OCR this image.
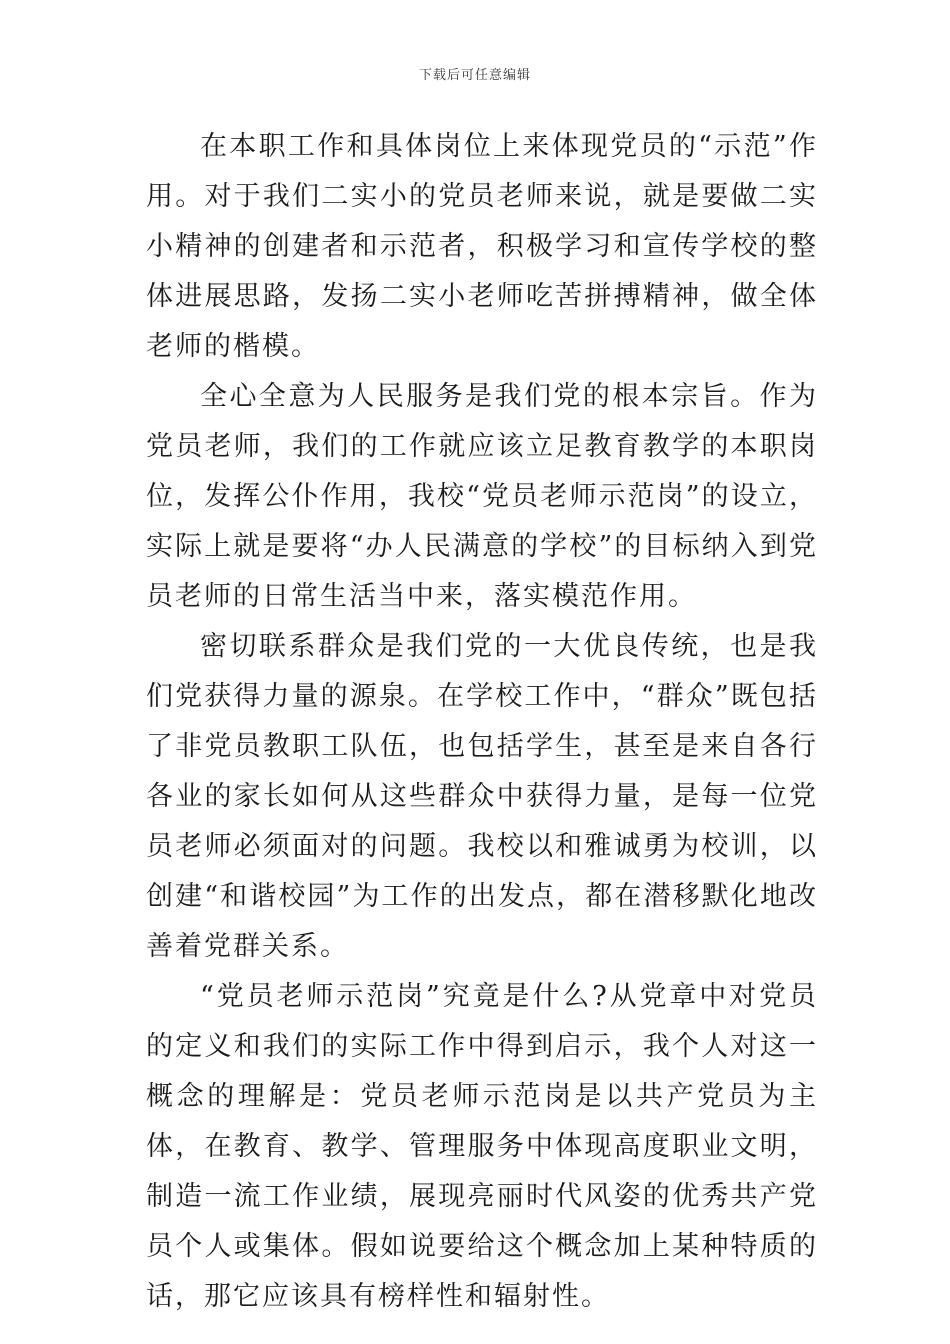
下载后可任意编辑

在本职工作和具体岗位上来体现党员的“示范”作用。对于我们二实小的党员老师来说，就是要做二实小精神的创建者和示范者，积极学习和宣传学校的整体进展思路，发扬二实小老师吃苦拼搏精神，做全体老师的楷模。

全心全意为人民服务是我们党的根本宗旨。作为党员老师，我们的工作就应该立足教育教学的本职岗位，发挥公仆作用，我校“党员老师示范岗”的设立，实际上就是要将“办人民满意的学校”的目标纳入到党员老师的日常生活当中来，落实模范作用。

密切联系群众是我们党的一大优良传统，也是我们党获得力量的源泉。在学校工作中，“群众”既包括了非党员教职工队伍，也包括学生，甚至是来自各行各业的家长如何从这些群众中获得力量，是每一位党员老师必须面对的问题。我校以和雅诚勇为校训，以创建“和谐校园”为工作的出发点，都在潜移默化地改善着党群关系。

“党员老师示范岗”究竟是什么?从党章中对党员的定义和我们的实际工作中得到启示，我个人对这一概念的理解是：党员老师示范岗是以共产党员为主体，在教育、教学、管理服务中体现高度职业文明，制造一流工作业绩，展现亮丽时代风姿的优秀共产党员个人或集体。假如说要给这个概念加上某种特质的话，那它应该具有榜样性和辐射性。
